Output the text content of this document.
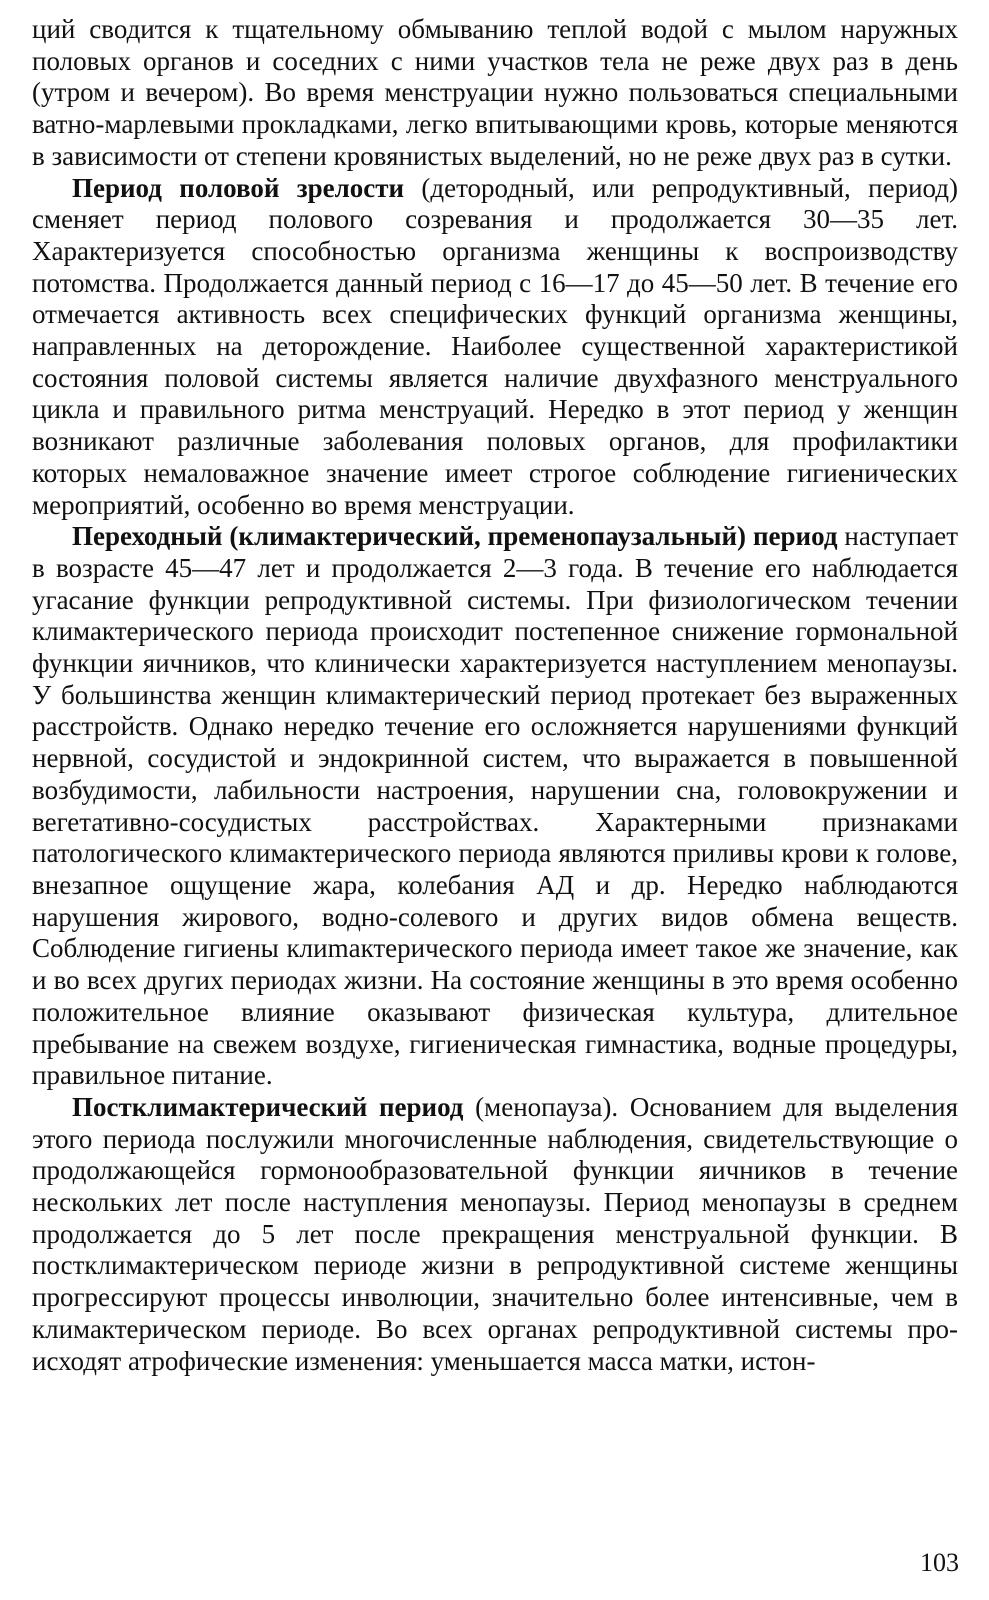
ций сводится к тщательному обмыванию теплой водой с мылом наружных половых органов и соседних с ними участков тела не реже двух раз в день (утром и вечером). Во время менструации нужно пользоваться специальными ватно-марлевыми прокладками, легко впитывающими кровь, которые меняются в зависимости от степени кровянистых выделений, но не реже двух раз в сутки.

Период половой зрелости (детородный, или репродуктивный, период) сменяет период полового созревания и продолжается 30—35 лет. Характеризуется способностью организма женщины к воспроизводству потомства. Продолжается данный период с 16—17 до 45—50 лет. В течение его отмечается активность всех специфических функций организма женщины, направленных на деторождение. Наиболее существенной характеристикой состояния половой системы является наличие двухфазного менструального цикла и правильного ритма менструаций. Нередко в этот период у женщин возникают различные заболевания половых органов, для профилактики которых немаловажное значение имеет строгое соблюдение гигиенических мероприятий, особенно во время менструации.

Переходный (климактерический, пременопаузальный) период наступает в возрасте 45—47 лет и продолжается 2—3 года. В течение его наблюдается угасание функции репродуктивной системы. При физиологическом течении климактерического периода происходит постепенное снижение гормональной функции яичников, что клинически характеризуется наступлением менопаузы. У большинства женщин климактерический период протекает без выраженных расстройств. Однако нередко течение его осложняется нарушениями функций нервной, сосудистой и эндокринной систем, что выражается в повышенной возбудимости, лабильности настроения, нарушении сна, головокружении и вегетативно-сосудистых расстройствах. Характерными признаками патологического климактерического периода являются приливы крови к голове, внезапное ощущение жара, колебания АД и др. Нередко наблюдаются нарушения жирового, водно-солевого и других видов обмена веществ. Соблюдение гигиены клиmактерического периода имеет такое же значение, как и во всех других периодах жизни. На состояние женщины в это время особенно положительное влияние оказывают физическая культура, длительное пребывание на свежем воздухе, гигиеническая гимнастика, водные процедуры, правильное питание.

Постклимактерический период (менопауза). Основанием для выделения этого периода послужили многочисленные наблюдения, свидетельствующие о продолжающейся гормонообразовательной функции яичников в течение нескольких лет после наступления менопаузы. Период менопаузы в среднем продолжается до 5 лет после прекращения менструальной функции. В постклимактерическом периоде жизни в репродуктивной системе женщины прогрессируют процессы инволюции, значительно более интенсивные, чем в климактерическом периоде. Во всех органах репродуктивной системы происходят атрофические изменения: уменьшается масса матки, истон-

103
